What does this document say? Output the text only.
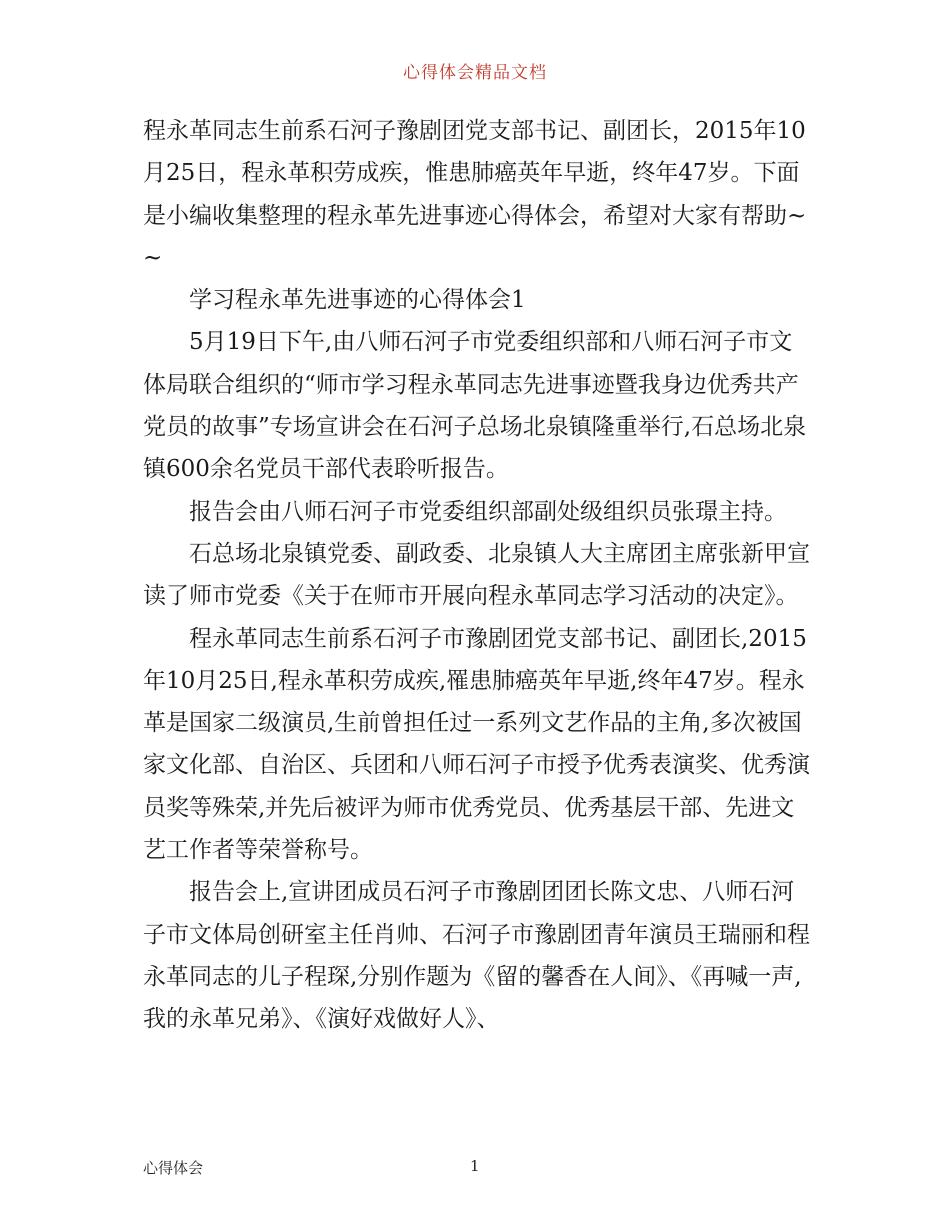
心得体会精品文档

程永革同志生前系石河子豫剧团党支部书记、副团长，2015年10月25日，程永革积劳成疾，惟患肺癌英年早逝，终年47岁。下面是小编收集整理的程永革先进事迹心得体会，希望对大家有帮助~~

学习程永革先进事迹的心得体会1

5月19日下午,由八师石河子市党委组织部和八师石河子市文体局联合组织的“师市学习程永革同志先进事迹暨我身边优秀共产党员的故事”专场宣讲会在石河子总场北泉镇隆重举行,石总场北泉镇600余名党员干部代表聆听报告。

报告会由八师石河子市党委组织部副处级组织员张璟主持。

石总场北泉镇党委、副政委、北泉镇人大主席团主席张新甲宣读了师市党委《关于在师市开展向程永革同志学习活动的决定》。

程永革同志生前系石河子市豫剧团党支部书记、副团长,2015年10月25日,程永革积劳成疾,罹患肺癌英年早逝,终年47岁。程永革是国家二级演员,生前曾担任过一系列文艺作品的主角,多次被国家文化部、自治区、兵团和八师石河子市授予优秀表演奖、优秀演员奖等殊荣,并先后被评为师市优秀党员、优秀基层干部、先进文艺工作者等荣誉称号。

报告会上,宣讲团成员石河子市豫剧团团长陈文忠、八师石河子市文体局创研室主任肖帅、石河子市豫剧团青年演员王瑞丽和程永革同志的儿子程琛,分别作题为《留的馨香在人间》、《再喊一声,我的永革兄弟》、《演好戏做好人》、

心得体会	1
